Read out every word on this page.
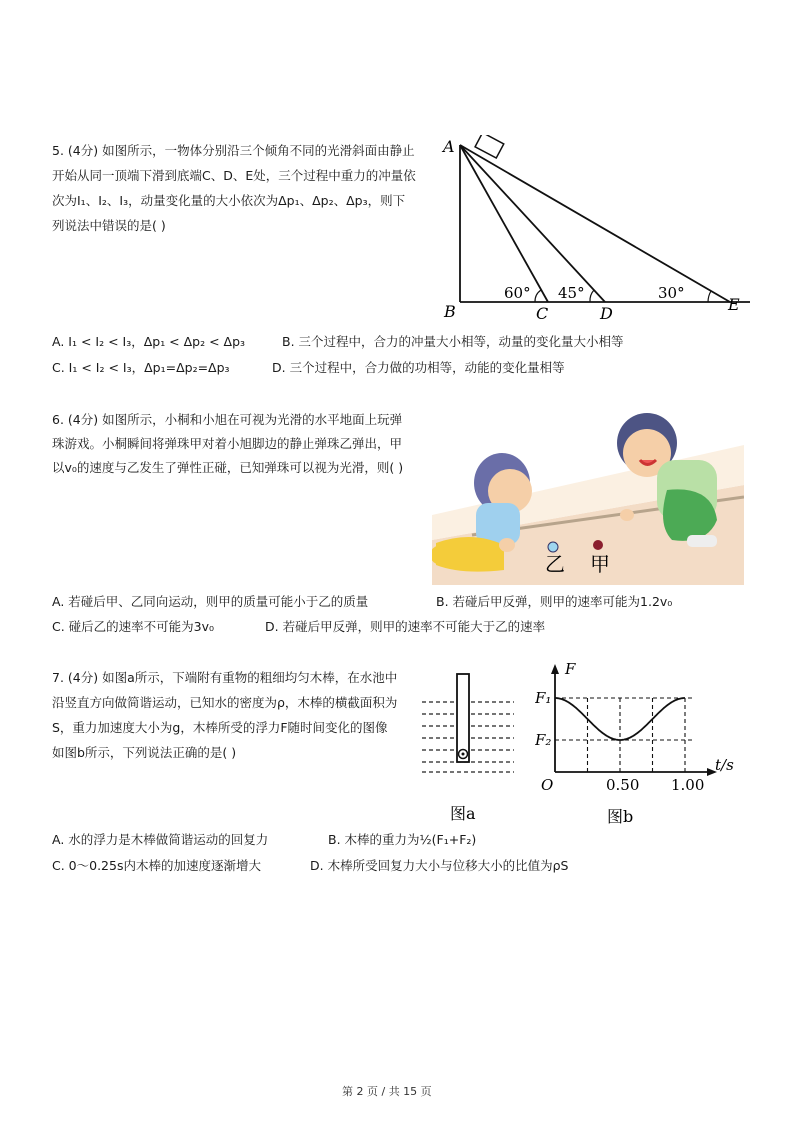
5. (4分) 如图所示，一物体分别沿三个倾角不同的光滑斜面由静止
开始从同一顶端下滑到底端C、D、E处，三个过程中重力的冲量依
次为I₁、I₂、I₃，动量变化量的大小依次为Δp₁、Δp₂、Δp₃，则下
列说法中错误的是( )
A
B	C	D	E
60° 45°	30°
A. I₁ < I₂ < I₃，Δp₁ < Δp₂ < Δp₃	B. 三个过程中，合力的冲量大小相等，动量的变化量大小相等
C. I₁ < I₂ < I₃，Δp₁=Δp₂=Δp₃	D. 三个过程中，合力做的功相等，动能的变化量相等
6. (4分) 如图所示，小桐和小旭在可视为光滑的水平地面上玩弹
珠游戏。小桐瞬间将弹珠甲对着小旭脚边的静止弹珠乙弹出，甲
以v₀的速度与乙发生了弹性正碰，已知弹珠可以视为光滑，则( )
乙 甲
A. 若碰后甲、乙同向运动，则甲的质量可能小于乙的质量	B. 若碰后甲反弹，则甲的速率可能为1.2v₀
C. 碰后乙的速率不可能为3v₀	D. 若碰后甲反弹，则甲的速率不可能大于乙的速率
7. (4分) 如图a所示，下端附有重物的粗细均匀木棒，在水池中
沿竖直方向做简谐运动，已知水的密度为ρ，木棒的横截面积为
S，重力加速度大小为g，木棒所受的浮力F随时间变化的图像
如图b所示，下列说法正确的是( )
图a
F
t/s
O
F₁
F₂
0.50 1.00
图b
A. 水的浮力是木棒做简谐运动的回复力	B. 木棒的重力为½(F₁+F₂)
C. 0～0.25s内木棒的加速度逐渐增大	D. 木棒所受回复力大小与位移大小的比值为ρS
第 2 页 / 共 15 页
